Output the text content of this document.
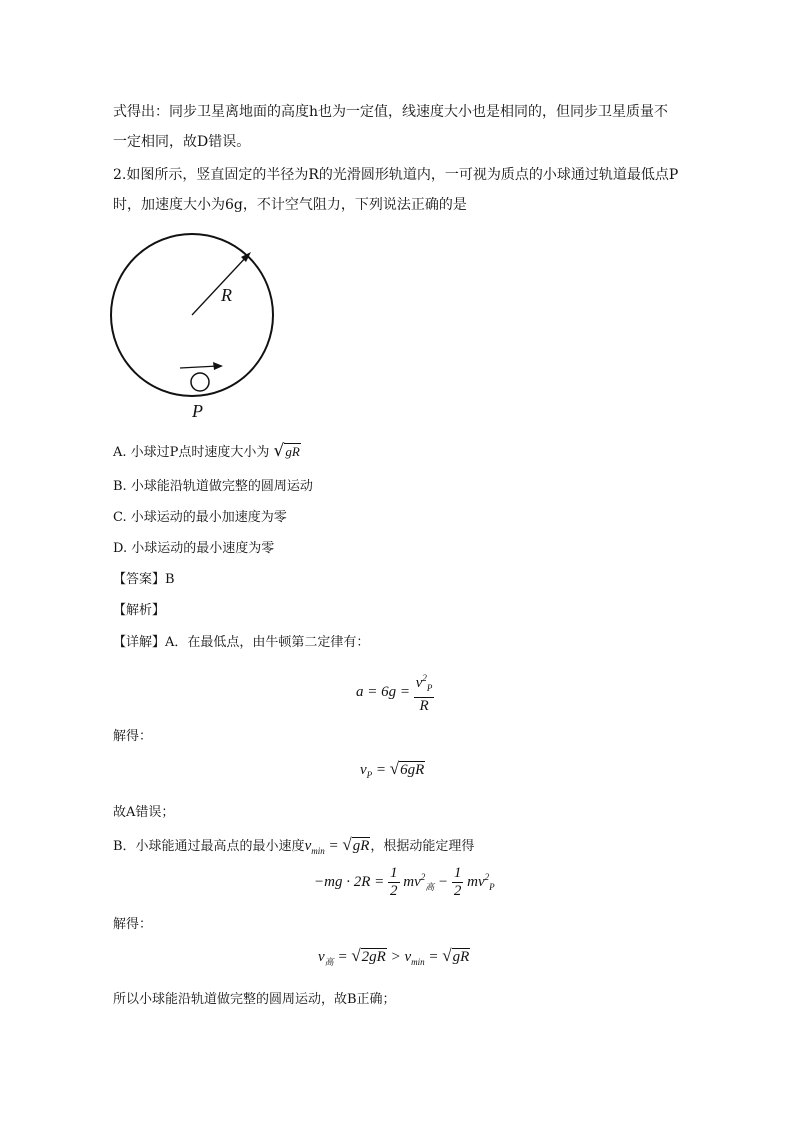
式得出：同步卫星离地面的高度h也为一定值，线速度大小也是相同的，但同步卫星质量不
一定相同，故D错误。
2.如图所示，竖直固定的半径为R的光滑圆形轨道内，一可视为质点的小球通过轨道最低点P
时，加速度大小为6g，不计空气阻力，下列说法正确的是
R
P
A. 小球过P点时速度大小为 √gR
B. 小球能沿轨道做完整的圆周运动
C. 小球运动的最小加速度为零
D. 小球运动的最小速度为零
【答案】B
【解析】
【详解】A．在最低点，由牛顿第二定律有：
$a = 6g = \frac{v^2_P}{R}$
解得：
$v_P = √6gR$
故A错误；
B．小球能通过最高点的最小速度$v_{min} = √gR$，根据动能定理得
$-mg \cdot 2R = \frac{1}{2} mv^2_高 - \frac{1}{2} mv^2_P$
解得：
$v_高 = √2gR > v_{min} = √gR$
所以小球能沿轨道做完整的圆周运动，故B正确；
